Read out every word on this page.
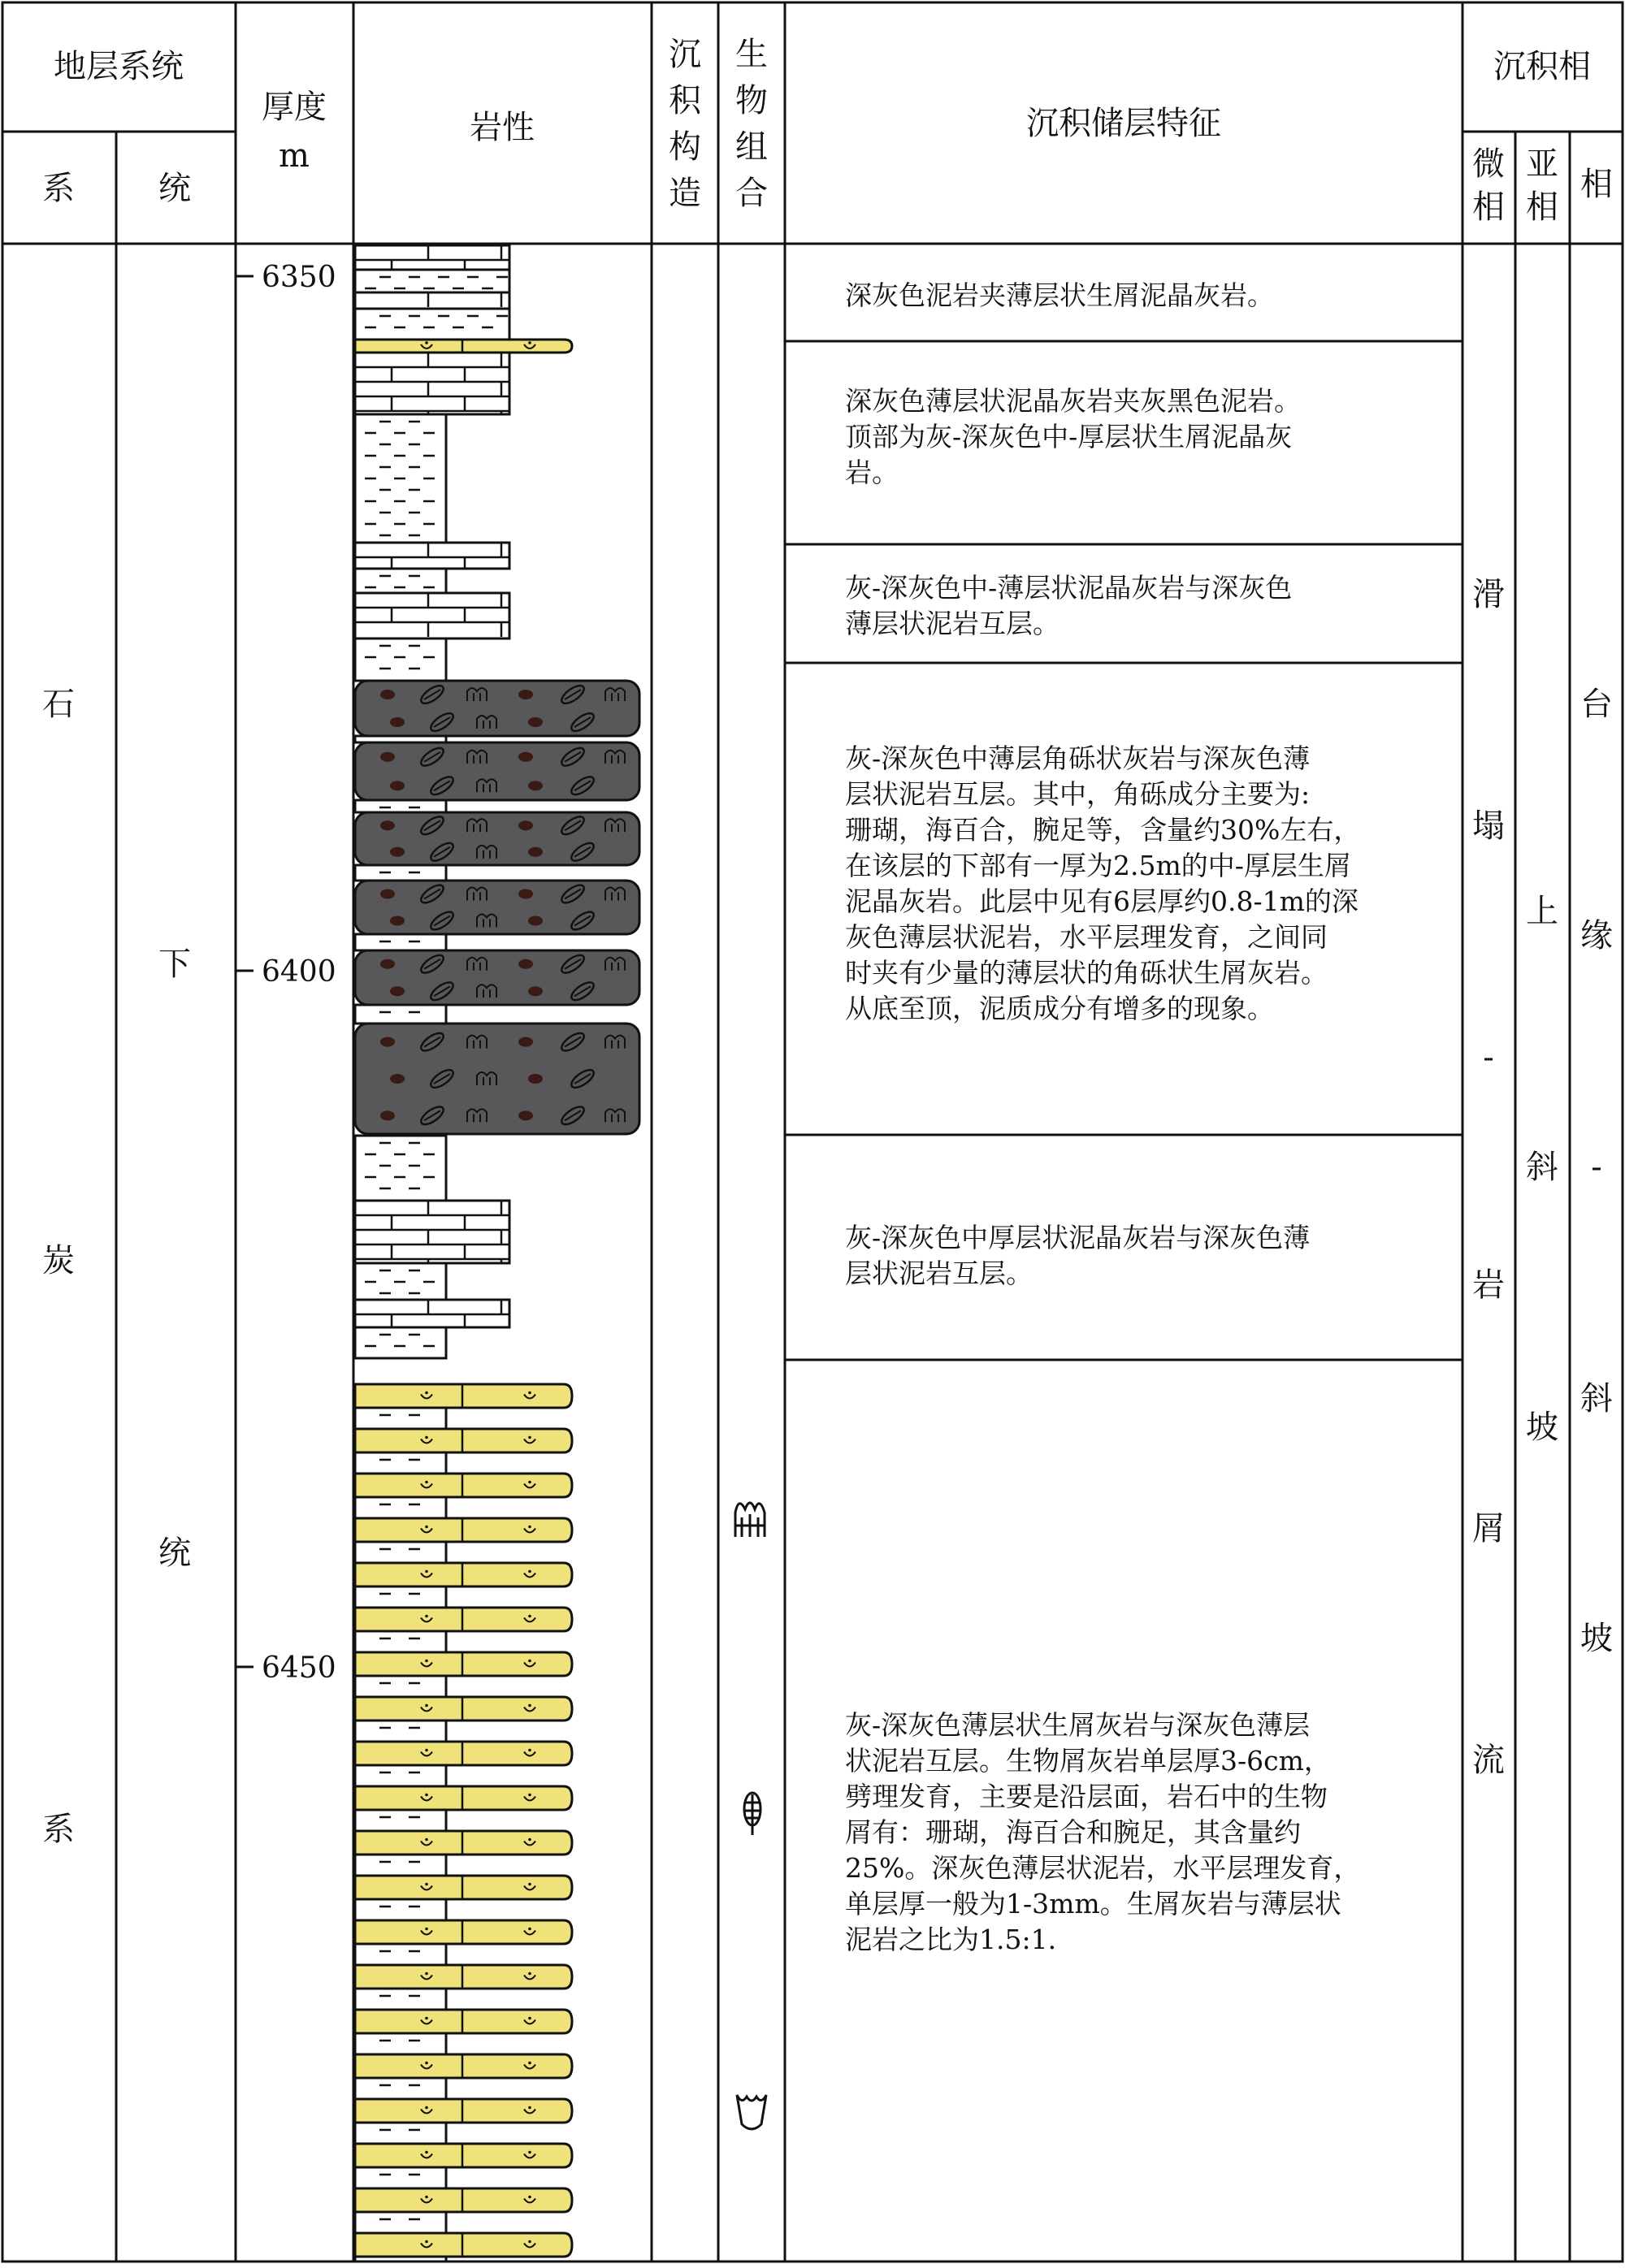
地层系统
系	统
厚度
m
岩性
沉
积
构
造
生
物
组
合
沉积储层特征
沉积相
微
相
亚
相
相
石
炭
系
下
统
6350
6400
6450
深灰色泥岩夹薄层状生屑泥晶灰岩。
深灰色薄层状泥晶灰岩夹灰黑色泥岩。 顶部为灰-深灰色中-厚层状生屑泥晶灰 岩。
灰-深灰色中-薄层状泥晶灰岩与深灰色 薄层状泥岩互层。
灰-深灰色中薄层角砾状灰岩与深灰色薄 层状泥岩互层。其中，角砾成分主要为: 珊瑚，海百合，腕足等，含量约30%左右， 在该层的下部有一厚为2.5m的中-厚层生屑 泥晶灰岩。此层中见有6层厚约0.8-1m的深 灰色薄层状泥岩，水平层理发育，之间同 时夹有少量的薄层状的角砾状生屑灰岩。 从底至顶，泥质成分有增多的现象。
灰-深灰色中厚层状泥晶灰岩与深灰色薄 层状泥岩互层。
灰-深灰色薄层状生屑灰岩与深灰色薄层 状泥岩互层。生物屑灰岩单层厚3-6cm， 劈理发育，主要是沿层面，岩石中的生物 屑有：珊瑚，海百合和腕足，其含量约 25%。深灰色薄层状泥岩，水平层理发育， 单层厚一般为1-3mm。生屑灰岩与薄层状 泥岩之比为1.5:1.
滑
塌
-
岩
屑
流
上
斜
坡
台
缘
-
斜
坡
